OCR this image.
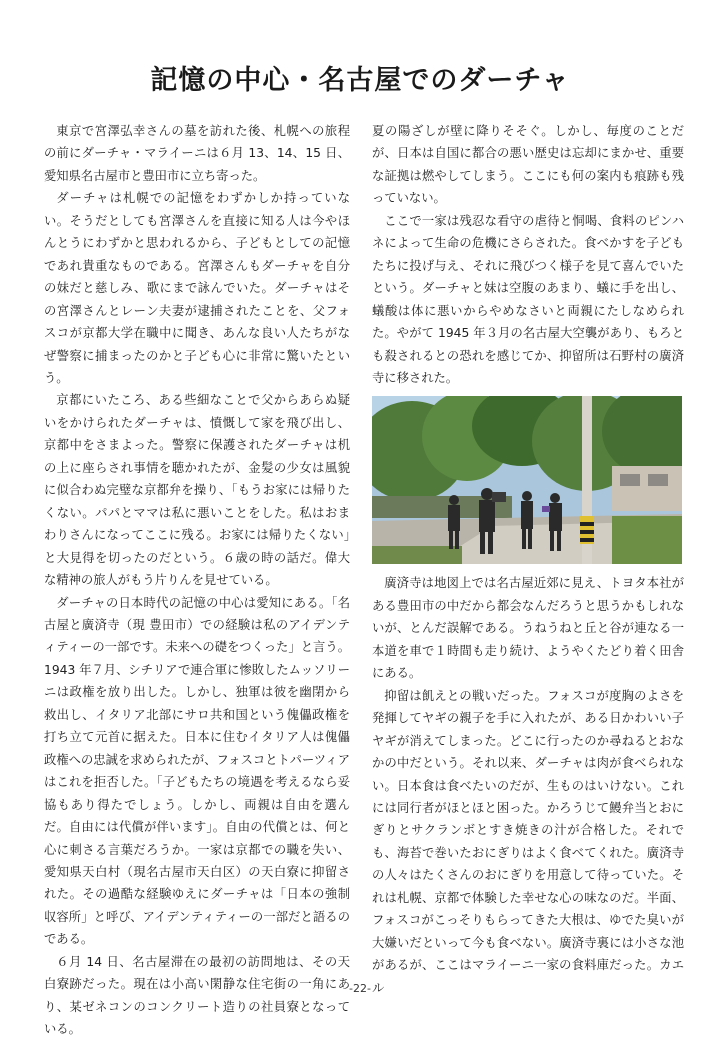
記憶の中心・名古屋でのダーチャ

東京で宮澤弘幸さんの墓を訪れた後、札幌への旅程の前にダーチャ・マライーニは６月 13、14、15 日、愛知県名古屋市と豊田市に立ち寄った。

ダーチャは札幌での記憶をわずかしか持っていない。そうだとしても宮澤さんを直接に知る人は今やほんとうにわずかと思われるから、子どもとしての記憶であれ貴重なものである。宮澤さんもダーチャを自分の妹だと慈しみ、歌にまで詠んでいた。ダーチャはその宮澤さんとレーン夫妻が逮捕されたことを、父フォスコが京都大学在職中に聞き、あんな良い人たちがなぜ警察に捕まったのかと子ども心に非常に驚いたという。

京都にいたころ、ある些細なことで父からあらぬ疑いをかけられたダーチャは、憤慨して家を飛び出し、京都中をさまよった。警察に保護されたダーチャは机の上に座らされ事情を聴かれたが、金髪の少女は風貌に似合わぬ完璧な京都弁を操り、「もうお家には帰りたくない。パパとママは私に悪いことをした。私はおまわりさんになってここに残る。お家には帰りたくない」と大見得を切ったのだという。６歳の時の話だ。偉大な精神の旅人がもう片りんを見せている。

ダーチャの日本時代の記憶の中心は愛知にある。「名古屋と廣済寺（現 豊田市）での経験は私のアイデンティティーの一部です。未来への礎をつくった」と言う。1943 年７月、シチリアで連合軍に惨敗したムッソリーニは政権を放り出した。しかし、独軍は彼を幽閉から救出し、イタリア北部にサロ共和国という傀儡政権を打ち立て元首に据えた。日本に住むイタリア人は傀儡政権への忠誠を求められたが、フォスコとトパーツィアはこれを拒否した。「子どもたちの境遇を考えるなら妥協もあり得たでしょう。しかし、両親は自由を選んだ。自由には代償が伴います」。自由の代償とは、何と心に刺さる言葉だろうか。一家は京都での職を失い、愛知県天白村（現名古屋市天白区）の天白寮に抑留された。その過酷な経験ゆえにダーチャは「日本の強制収容所」と呼び、アイデンティティーの一部だと語るのである。

６月 14 日、名古屋滞在の最初の訪問地は、その天白寮跡だった。現在は小高い閑静な住宅街の一角にあり、某ゼネコンのコンクリート造りの社員寮となっている。

夏の陽ざしが壁に降りそそぐ。しかし、毎度のことだが、日本は自国に都合の悪い歴史は忘却にまかせ、重要な証拠は燃やしてしまう。ここにも何の案内も痕跡も残っていない。

ここで一家は残忍な看守の虐待と恫喝、食料のピンハネによって生命の危機にさらされた。食べかすを子どもたちに投げ与え、それに飛びつく様子を見て喜んでいたという。ダーチャと妹は空腹のあまり、蟻に手を出し、蟻酸は体に悪いからやめなさいと両親にたしなめられた。やがて 1945 年３月の名古屋大空襲があり、もろとも殺されるとの恐れを感じてか、抑留所は石野村の廣済寺に移された。

廣済寺は地図上では名古屋近郊に見え、トヨタ本社がある豊田市の中だから都会なんだろうと思うかもしれないが、とんだ誤解である。うねうねと丘と谷が連なる一本道を車で１時間も走り続け、ようやくたどり着く田舎にある。

抑留は飢えとの戦いだった。フォスコが度胸のよさを発揮してヤギの親子を手に入れたが、ある日かわいい子ヤギが消えてしまった。どこに行ったのか尋ねるとおなかの中だという。それ以来、ダーチャは肉が食べられない。日本食は食べたいのだが、生ものはいけない。これには同行者がほとほと困った。かろうじて鰻弁当とおにぎりとサクランボとすき焼きの汁が合格した。それでも、海苔で巻いたおにぎりはよく食べてくれた。廣済寺の人々はたくさんのおにぎりを用意して待っていた。それは札幌、京都で体験した幸せな心の味なのだ。半面、フォスコがこっそりもらってきた大根は、ゆでた臭いが大嫌いだといって今も食べない。廣済寺裏には小さな池があるが、ここはマライーニ一家の食料庫だった。カエル

-22-
